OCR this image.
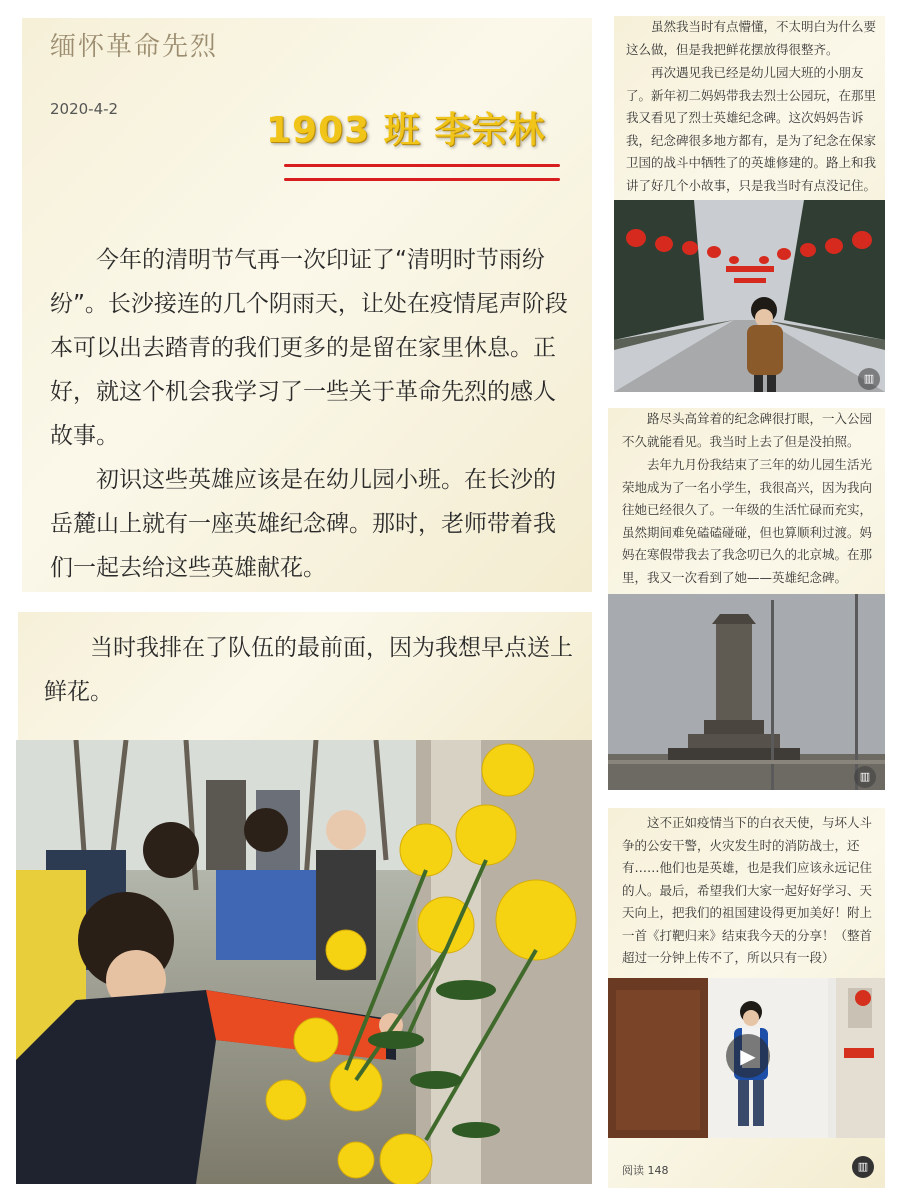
缅怀革命先烈
2020-4-2
1903 班 李宗林

今年的清明节气再一次印证了“清明时节雨纷纷”。长沙接连的几个阴雨天，让处在疫情尾声阶段本可以出去踏青的我们更多的是留在家里休息。正好，就这个机会我学习了一些关于革命先烈的感人故事。

初识这些英雄应该是在幼儿园小班。在长沙的岳麓山上就有一座英雄纪念碑。那时，老师带着我们一起去给这些英雄献花。

当时我排在了队伍的最前面，因为我想早点送上鲜花。

虽然我当时有点懵懂，不太明白为什么要这么做，但是我把鲜花摆放得很整齐。

再次遇见我已经是幼儿园大班的小朋友了。新年初二妈妈带我去烈士公园玩，在那里我又看见了烈士英雄纪念碑。这次妈妈告诉我，纪念碑很多地方都有，是为了纪念在保家卫国的战斗中牺牲了的英雄修建的。路上和我讲了好几个小故事，只是我当时有点没记住。

▥

路尽头高耸着的纪念碑很打眼，一入公园不久就能看见。我当时上去了但是没拍照。

去年九月份我结束了三年的幼儿园生活光荣地成为了一名小学生，我很高兴，因为我向往她已经很久了。一年级的生活忙碌而充实，虽然期间难免磕磕碰碰，但也算顺利过渡。妈妈在寒假带我去了我念叨已久的北京城。在那里，我又一次看到了她——英雄纪念碑。

▥

这不正如疫情当下的白衣天使，与坏人斗争的公安干警，火灾发生时的消防战士，还有……他们也是英雄，也是我们应该永远记住的人。最后，希望我们大家一起好好学习、天天向上，把我们的祖国建设得更加美好！附上一首《打靶归来》结束我今天的分享！（整首超过一分钟上传不了，所以只有一段）

阅读 148	▥
▶
